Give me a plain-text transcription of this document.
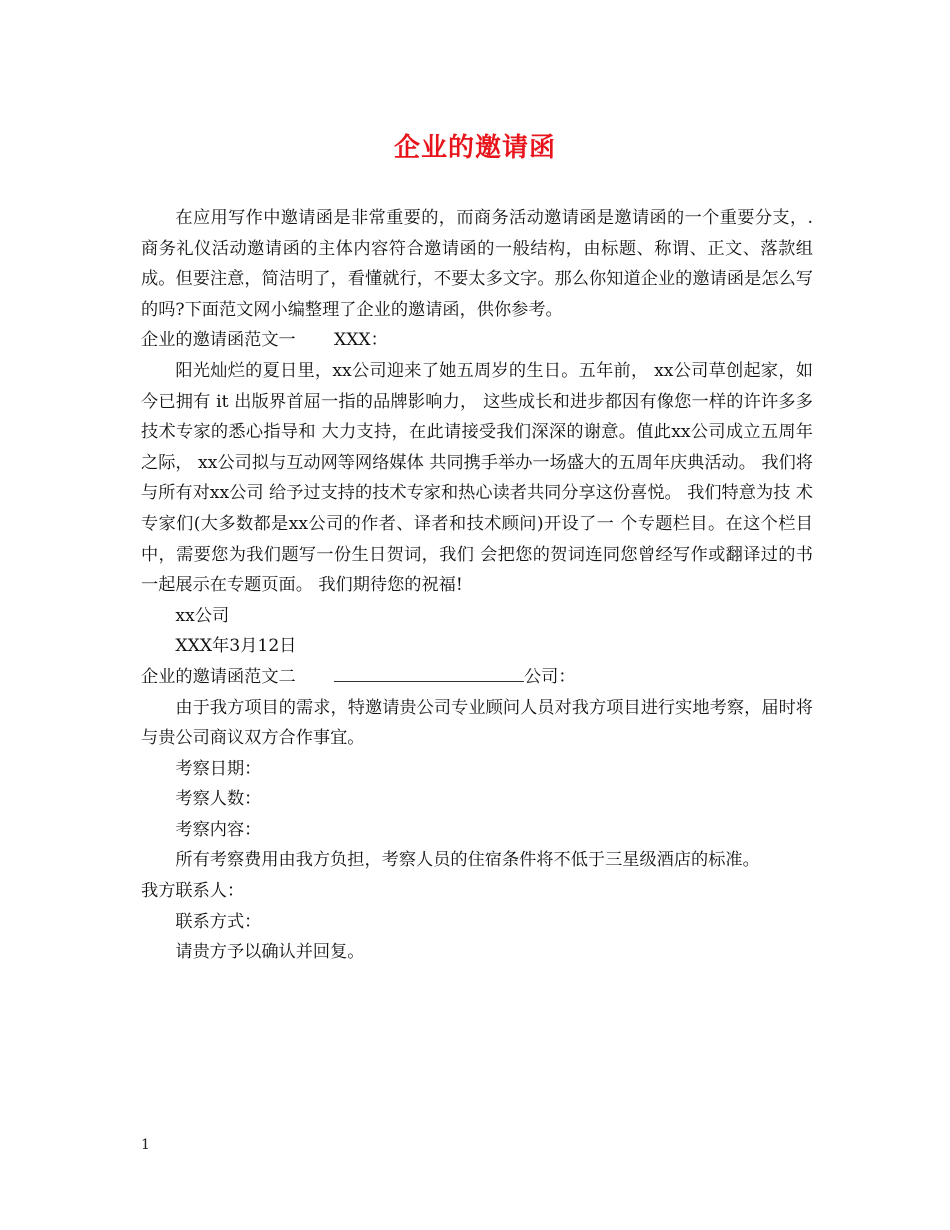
企业的邀请函

在应用写作中邀请函是非常重要的，而商务活动邀请函是邀请函的一个重要分支，.商务礼仪活动邀请函的主体内容符合邀请函的一般结构，由标题、称谓、正文、落款组成。但要注意，简洁明了，看懂就行，不要太多文字。那么你知道企业的邀请函是怎么写的吗?下面范文网小编整理了企业的邀请函，供你参考。

企业的邀请函范文一 XXX：

阳光灿烂的夏日里，xx公司迎来了她五周岁的生日。五年前， xx公司草创起家，如今已拥有 it 出版界首屈一指的品牌影响力， 这些成长和进步都因有像您一样的许许多多技术专家的悉心指导和 大力支持，在此请接受我们深深的谢意。值此xx公司成立五周年之际， xx公司拟与互动网等网络媒体 共同携手举办一场盛大的五周年庆典活动。 我们将与所有对xx公司 给予过支持的技术专家和热心读者共同分享这份喜悦。 我们特意为技 术专家们(大多数都是xx公司的作者、译者和技术顾问)开设了一 个专题栏目。在这个栏目中，需要您为我们题写一份生日贺词，我们 会把您的贺词连同您曾经写作或翻译过的书一起展示在专题页面。 我们期待您的祝福!

xx公司

XXX年3月12日

企业的邀请函范文二	公司：

由于我方项目的需求，特邀请贵公司专业顾问人员对我方项目进行实地考察，届时将与贵公司商议双方合作事宜。

考察日期：

考察人数：

考察内容：

所有考察费用由我方负担，考察人员的住宿条件将不低于三星级酒店的标准。

我方联系人：

联系方式：

请贵方予以确认并回复。

1
